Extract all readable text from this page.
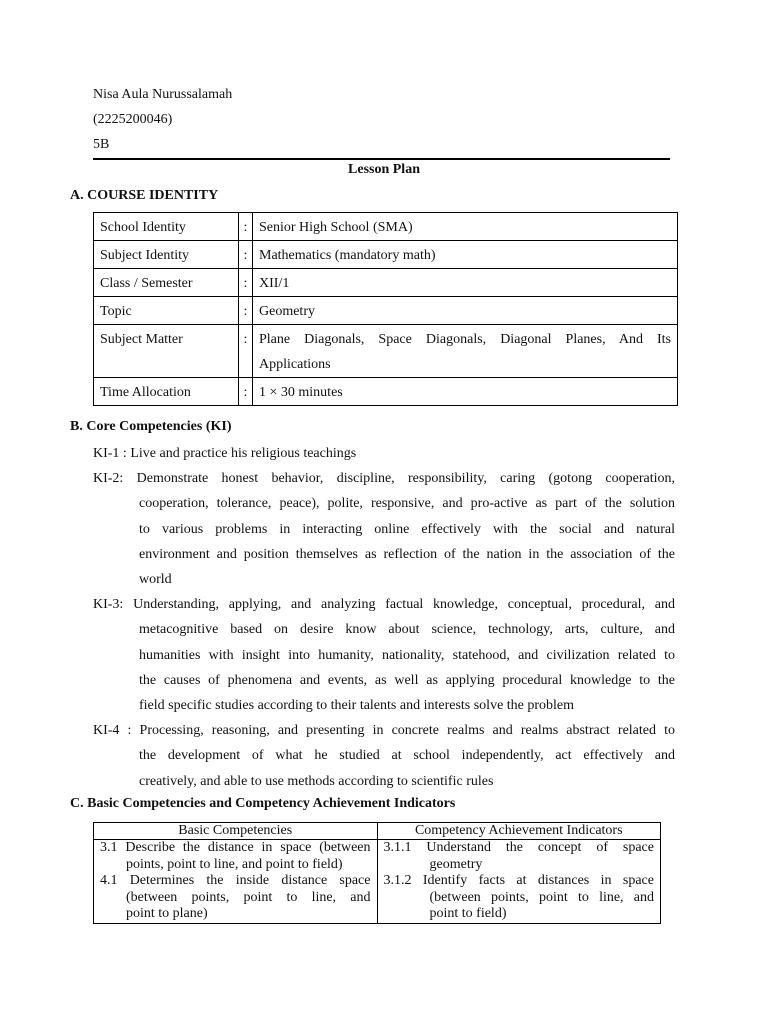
Nisa Aula Nurussalamah
(2225200046)
5B
Lesson Plan
A. COURSE IDENTITY
School Identity	:	Senior High School (SMA)
Subject Identity	:	Mathematics (mandatory math)
Class / Semester	:	XII/1
Topic	:	Geometry
Subject Matter	:	Plane Diagonals, Space Diagonals, Diagonal Planes, And Its Applications
Time Allocation	:	1 × 30 minutes
B. Core Competencies (KI)
KI-1 : Live and practice his religious teachings
KI-2: Demonstrate honest behavior, discipline, responsibility, caring (gotong cooperation,
cooperation, tolerance, peace), polite, responsive, and pro-active as part of the solution
to various problems in interacting online effectively with the social and natural
environment and position themselves as reflection of the nation in the association of the
world
KI-3: Understanding, applying, and analyzing factual knowledge, conceptual, procedural, and
metacognitive based on desire know about science, technology, arts, culture, and
humanities with insight into humanity, nationality, statehood, and civilization related to
the causes of phenomena and events, as well as applying procedural knowledge to the
field specific studies according to their talents and interests solve the problem
KI-4 : Processing, reasoning, and presenting in concrete realms and realms abstract related to
the development of what he studied at school independently, act effectively and
creatively, and able to use methods according to scientific rules
C. Basic Competencies and Competency Achievement Indicators
Basic Competencies	Competency Achievement Indicators

3.1 Describe the distance in space (between
points, point to line, and point to field)
4.1 Determines the inside distance space
(between points, point to line, and
point to plane)	3.1.1 Understand the concept of space
geometry
3.1.2 Identify facts at distances in space
(between points, point to line, and
point to field)
